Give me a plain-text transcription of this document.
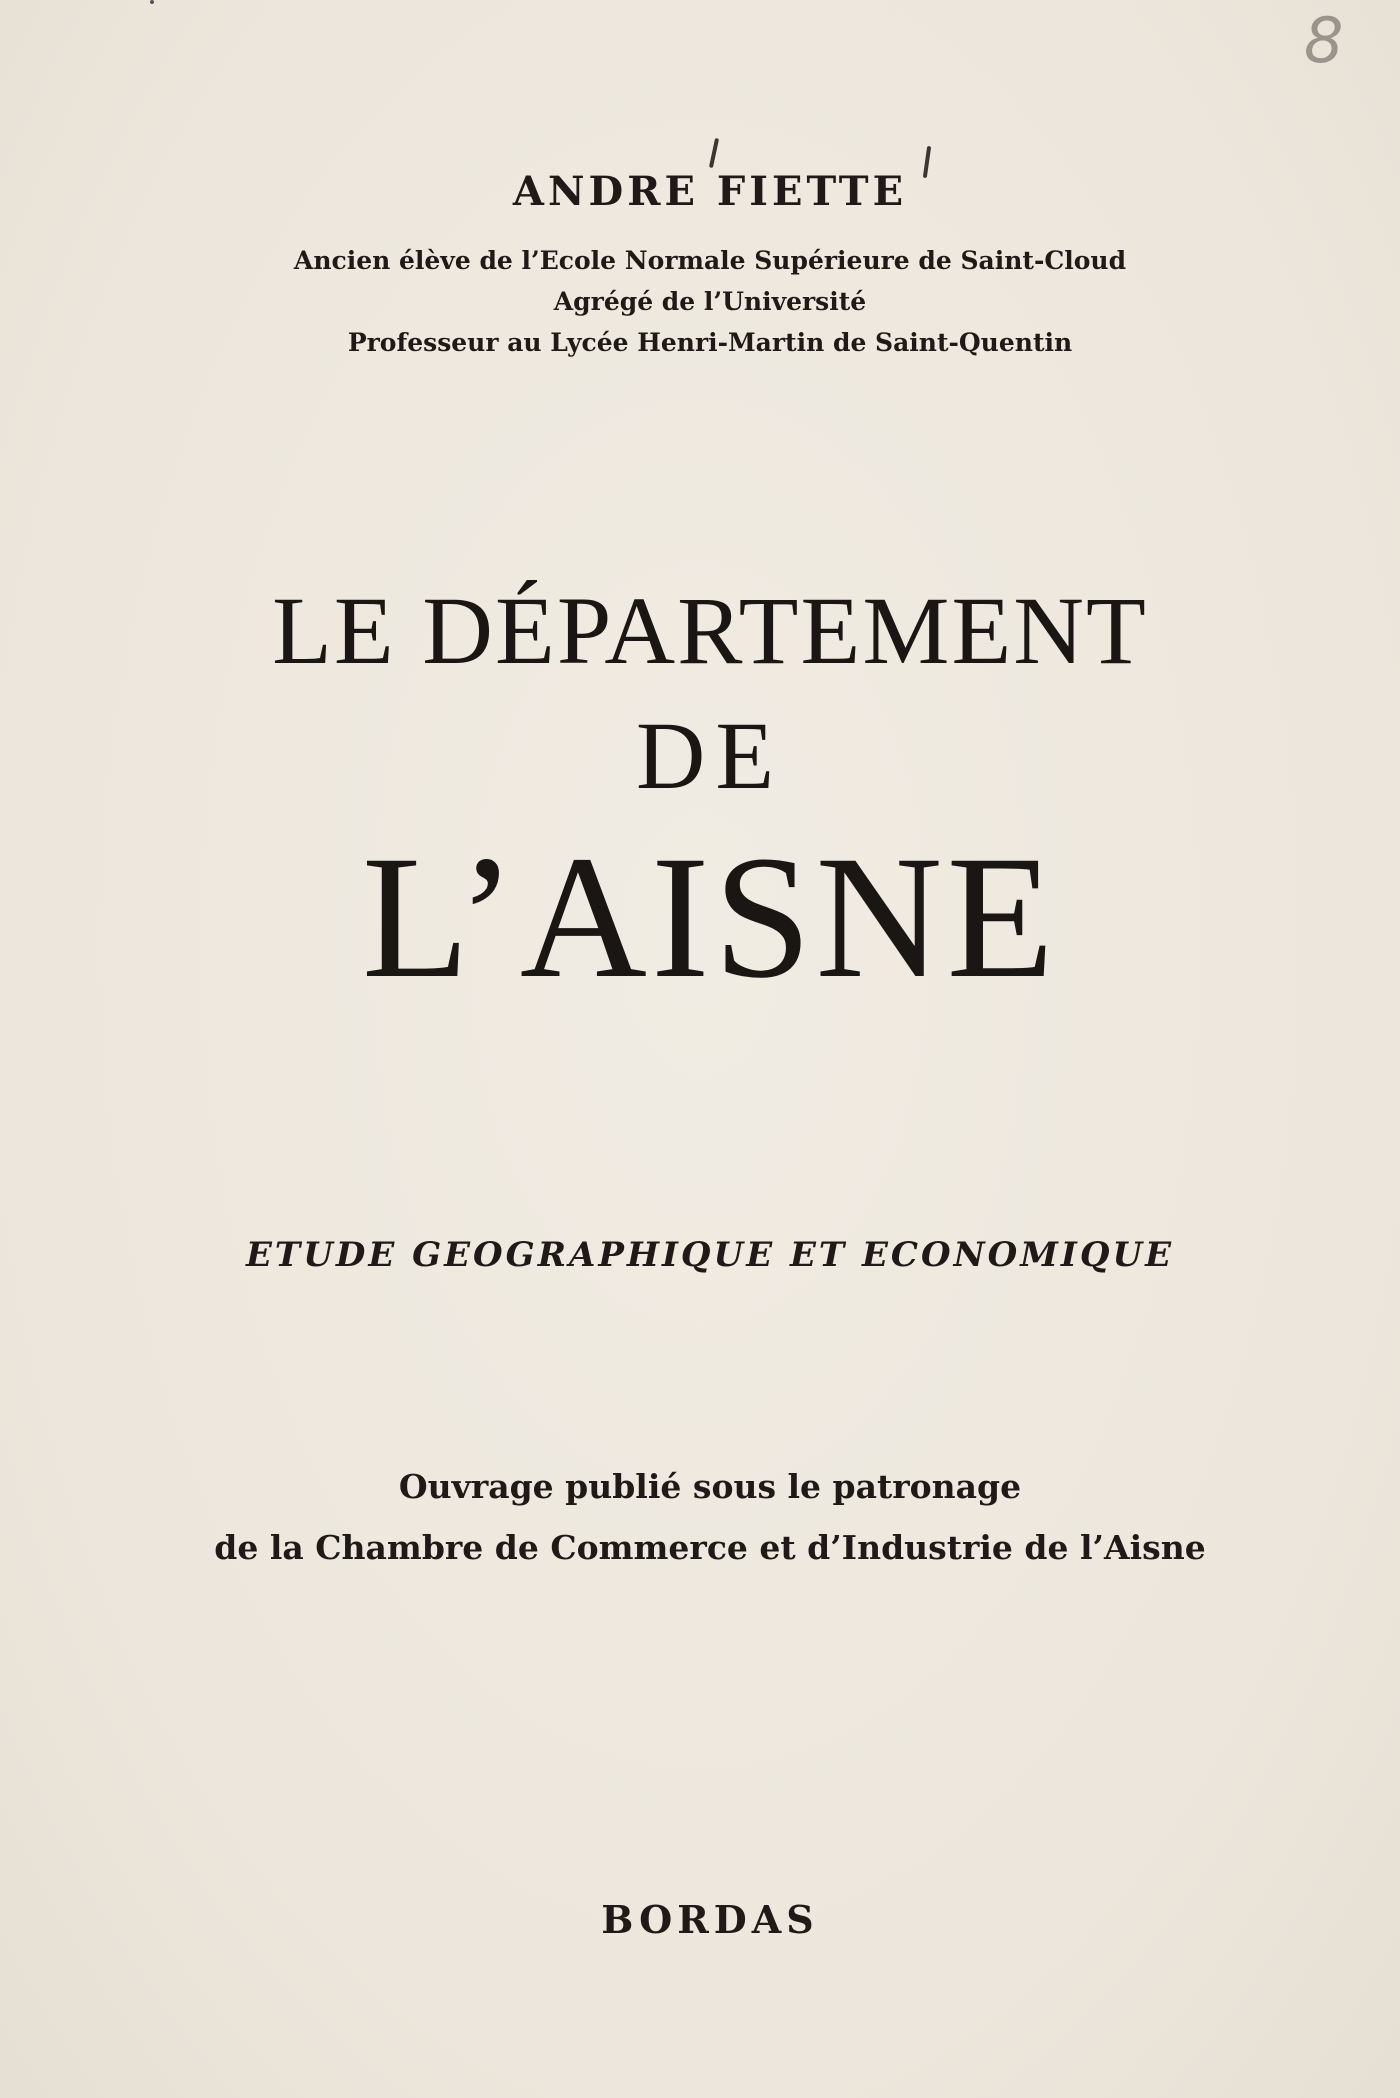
8
ANDRE FIETTE
Ancien élève de l’Ecole Normale Supérieure de Saint-Cloud
Agrégé de l’Université
Professeur au Lycée Henri-Martin de Saint-Quentin
LE DÉPARTEMENT
DE
L’AISNE
ETUDE GEOGRAPHIQUE ET ECONOMIQUE
Ouvrage publié sous le patronage
de la Chambre de Commerce et d’Industrie de l’Aisne
BORDAS
